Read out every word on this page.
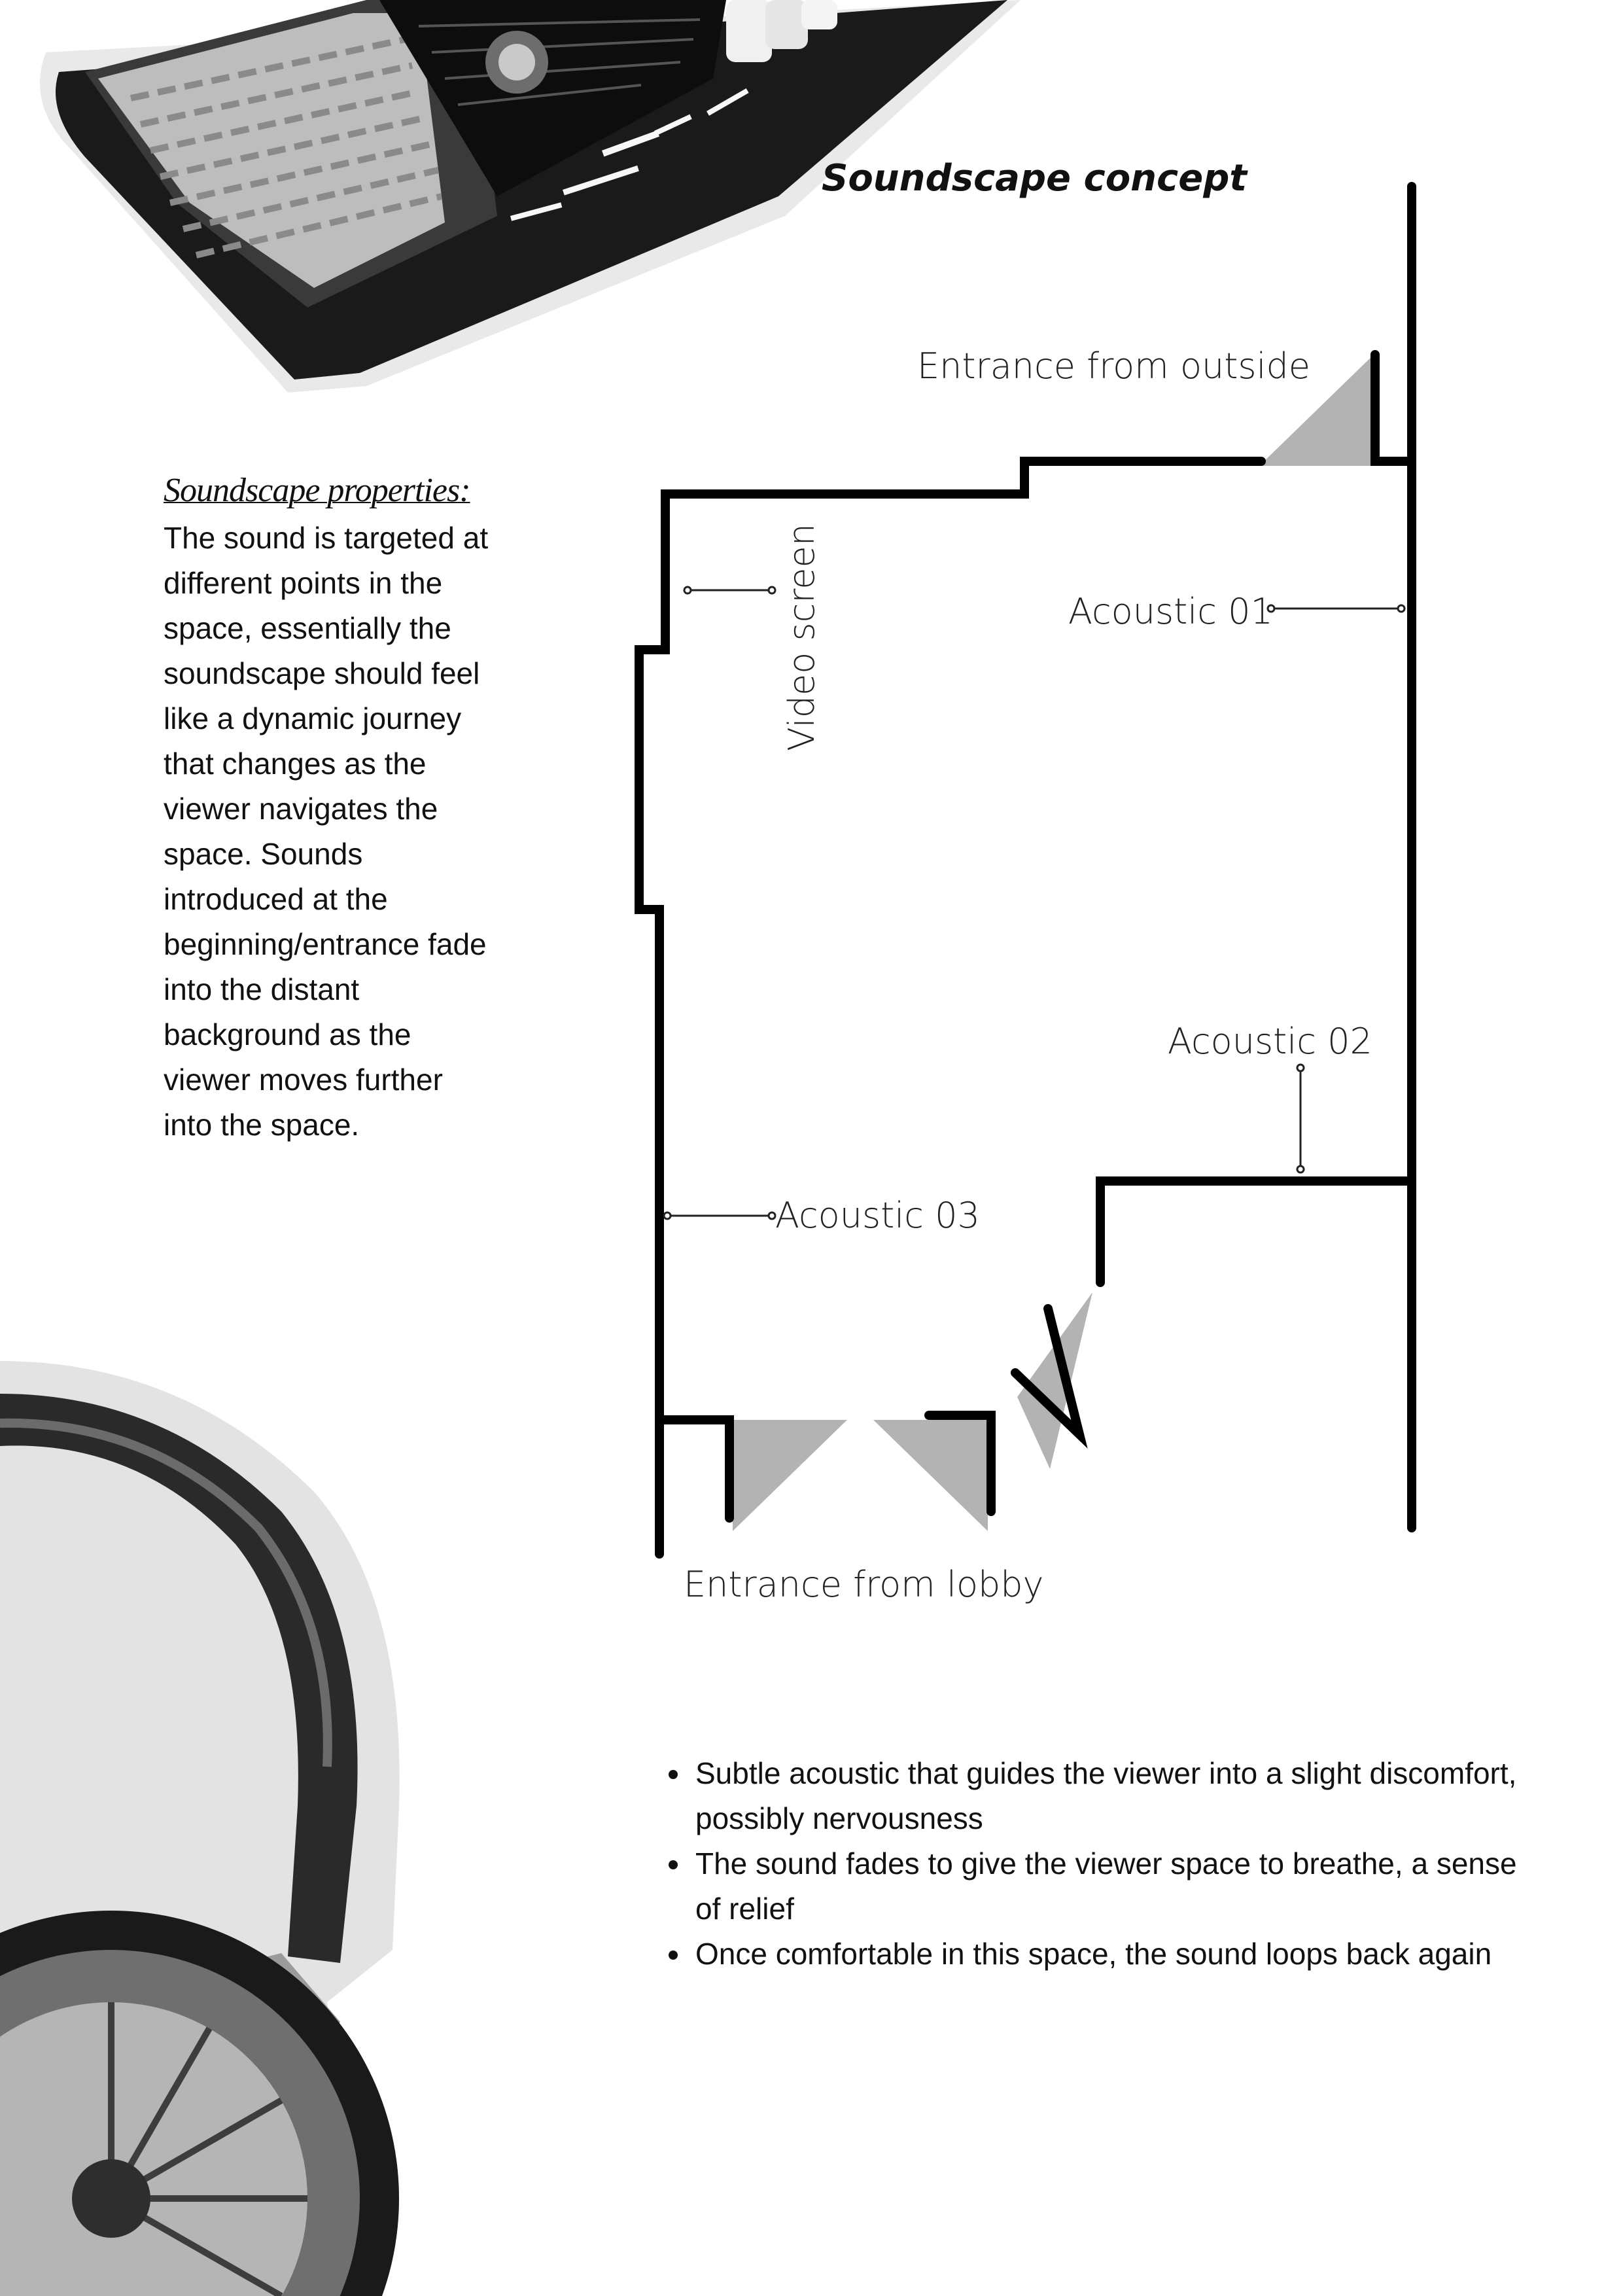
Entrance from outside
Video screen	Acoustic 01
Acoustic 02
Acoustic 03
Entrance from lobby
Soundscape concept
Soundscape properties:
The sound is targeted at
different points in the
space, essentially the
soundscape should feel
like a dynamic journey
that changes as the
viewer navigates the
space. Sounds
introduced at the
beginning/entrance fade
into the distant
background as the
viewer moves further
into the space.
• Subtle acoustic that guides the viewer into a slight discomfort, possibly nervousness
• The sound fades to give the viewer space to breathe, a sense of relief
• Once comfortable in this space, the sound loops back again
